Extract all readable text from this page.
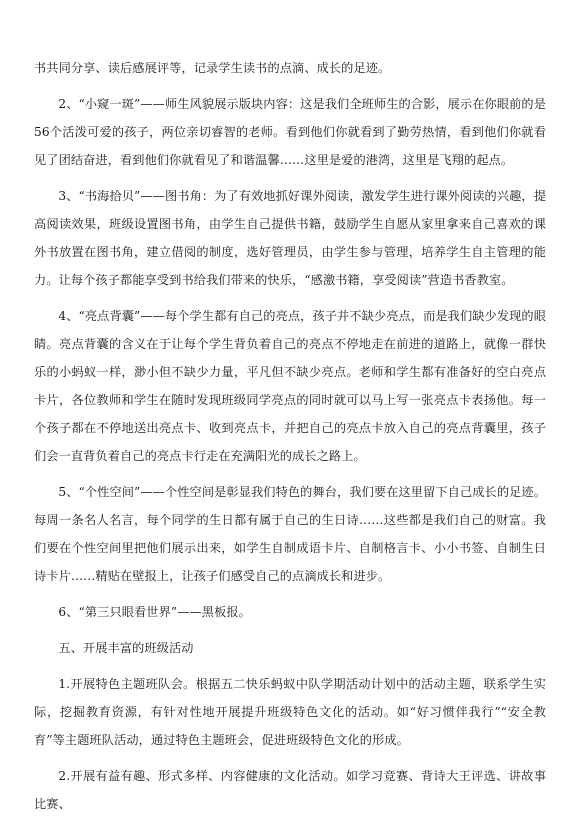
书共同分享、读后感展评等，记录学生读书的点滴、成长的足迹。

2、“小窥一斑”——师生风貌展示版块内容：这是我们全班师生的合影，展示在你眼前的是56个活泼可爱的孩子，两位亲切睿智的老师。看到他们你就看到了勤劳热情，看到他们你就看见了团结奋进，看到他们你就看见了和谐温馨……这里是爱的港湾，这里是飞翔的起点。

3、“书海拾贝”——图书角：为了有效地抓好课外阅读，激发学生进行课外阅读的兴趣，提高阅读效果，班级设置图书角，由学生自己提供书籍，鼓励学生自愿从家里拿来自己喜欢的课外书放置在图书角，建立借阅的制度，选好管理员，由学生参与管理，培养学生自主管理的能力。让每个孩子都能享受到书给我们带来的快乐，“感激书籍，享受阅读”营造书香教室。

4、“亮点背囊”——每个学生都有自己的亮点，孩子并不缺少亮点，而是我们缺少发现的眼睛。亮点背囊的含义在于让每个学生背负着自己的亮点不停地走在前进的道路上，就像一群快乐的小蚂蚁一样，渺小但不缺少力量，平凡但不缺少亮点。老师和学生都有准备好的空白亮点卡片，各位教师和学生在随时发现班级同学亮点的同时就可以马上写一张亮点卡表扬他。每一个孩子都在不停地送出亮点卡、收到亮点卡，并把自己的亮点卡放入自己的亮点背囊里，孩子们会一直背负着自己的亮点卡行走在充满阳光的成长之路上。

5、“个性空间”——个性空间是彰显我们特色的舞台，我们要在这里留下自己成长的足迹。每周一条名人名言，每个同学的生日都有属于自己的生日诗……这些都是我们自己的财富。我们要在个性空间里把他们展示出来，如学生自制成语卡片、自制格言卡、小小书签、自制生日诗卡片……精贴在壁报上，让孩子们感受自己的点滴成长和进步。

6、“第三只眼看世界”——黑板报。

五、开展丰富的班级活动

1.开展特色主题班队会。根据五二快乐蚂蚁中队学期活动计划中的活动主题，联系学生实际，挖掘教育资源，有针对性地开展提升班级特色文化的活动。如“好习惯伴我行”“安全教育”等主题班队活动，通过特色主题班会，促进班级特色文化的形成。

2.开展有益有趣、形式多样、内容健康的文化活动。如学习竞赛、背诗大王评选、讲故事比赛、
